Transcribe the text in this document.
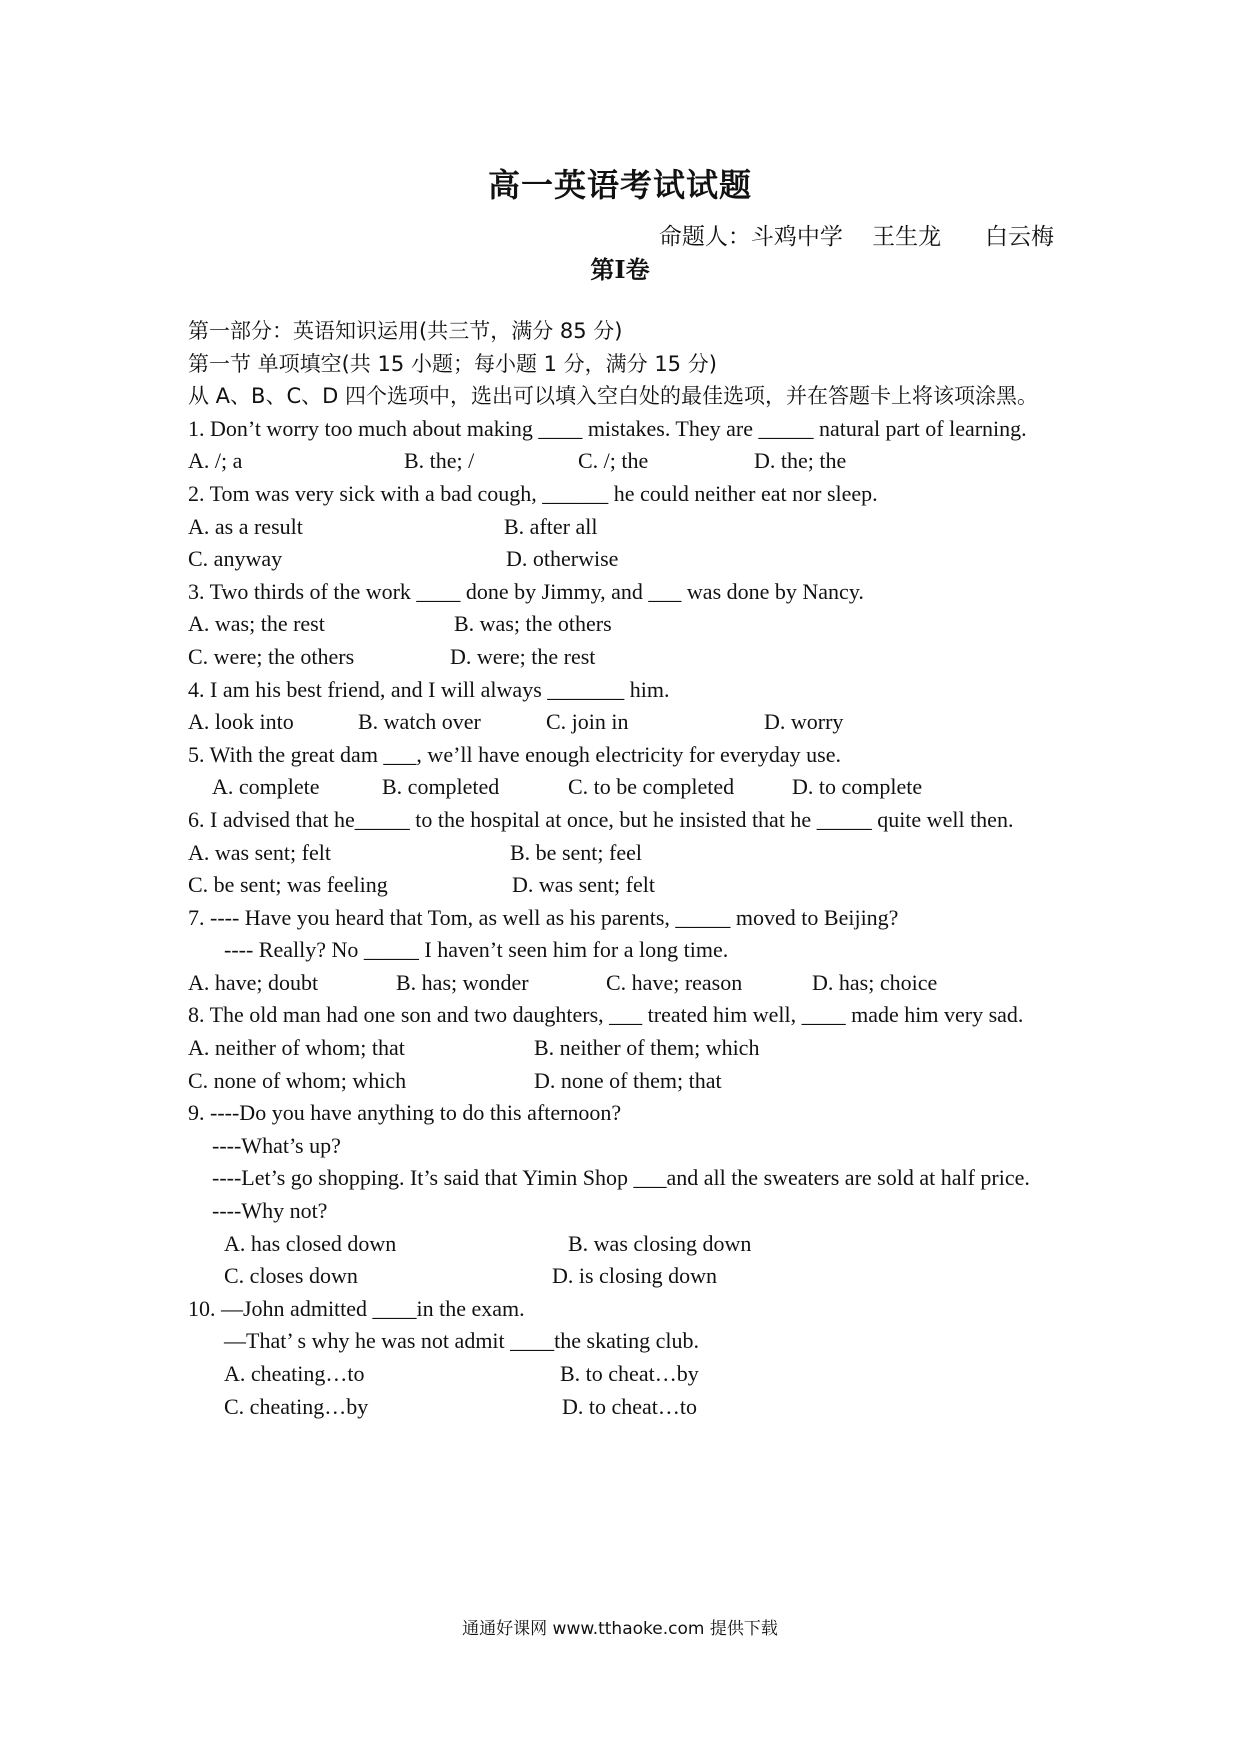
高一英语考试试题
命题人：斗鸡中学    王生龙      白云梅
第Ⅰ卷
第一部分：英语知识运用(共三节，满分 85 分)
第一节 单项填空(共 15 小题；每小题 1 分，满分 15 分)
从 A、B、C、D 四个选项中，选出可以填入空白处的最佳选项，并在答题卡上将该项涂黑。
1. Don’t worry too much about making ____ mistakes. They are _____ natural part of learning.
A. /; a	B. the; /	C. /; the	D. the; the
2. Tom was very sick with a bad cough, ______ he could neither eat nor sleep.
A. as a result	B. after all
C. anyway	D. otherwise
3. Two thirds of the work ____ done by Jimmy, and ___ was done by Nancy.
A. was; the rest	B. was; the others
C. were; the others	D. were; the rest
4. I am his best friend, and I will always _______ him.
A. look into	B. watch over	C. join in	D. worry
5. With the great dam ___, we’ll have enough electricity for everyday use.
A. complete	B. completed	C. to be completed	D. to complete
6. I advised that he_____ to the hospital at once, but he insisted that he _____ quite well then.
A. was sent; felt	B. be sent; feel
C. be sent; was feeling	D. was sent; felt
7. ---- Have you heard that Tom, as well as his parents, _____ moved to Beijing?
---- Really? No _____ I haven’t seen him for a long time.
A. have; doubt	B. has; wonder	C. have; reason	D. has; choice
8. The old man had one son and two daughters, ___ treated him well, ____ made him very sad.
A. neither of whom; that	B. neither of them; which
C. none of whom; which	D. none of them; that
9. ----Do you have anything to do this afternoon?
----What’s up?
----Let’s go shopping. It’s said that Yimin Shop ___and all the sweaters are sold at half price.
----Why not?
A. has closed down	B. was closing down
C. closes down	D. is closing down
10. —John admitted ____in the exam.
—That’ s why he was not admit ____the skating club.
A. cheating…to	B. to cheat…by
C. cheating…by	D. to cheat…to
通通好课网 www.tthaoke.com 提供下载
